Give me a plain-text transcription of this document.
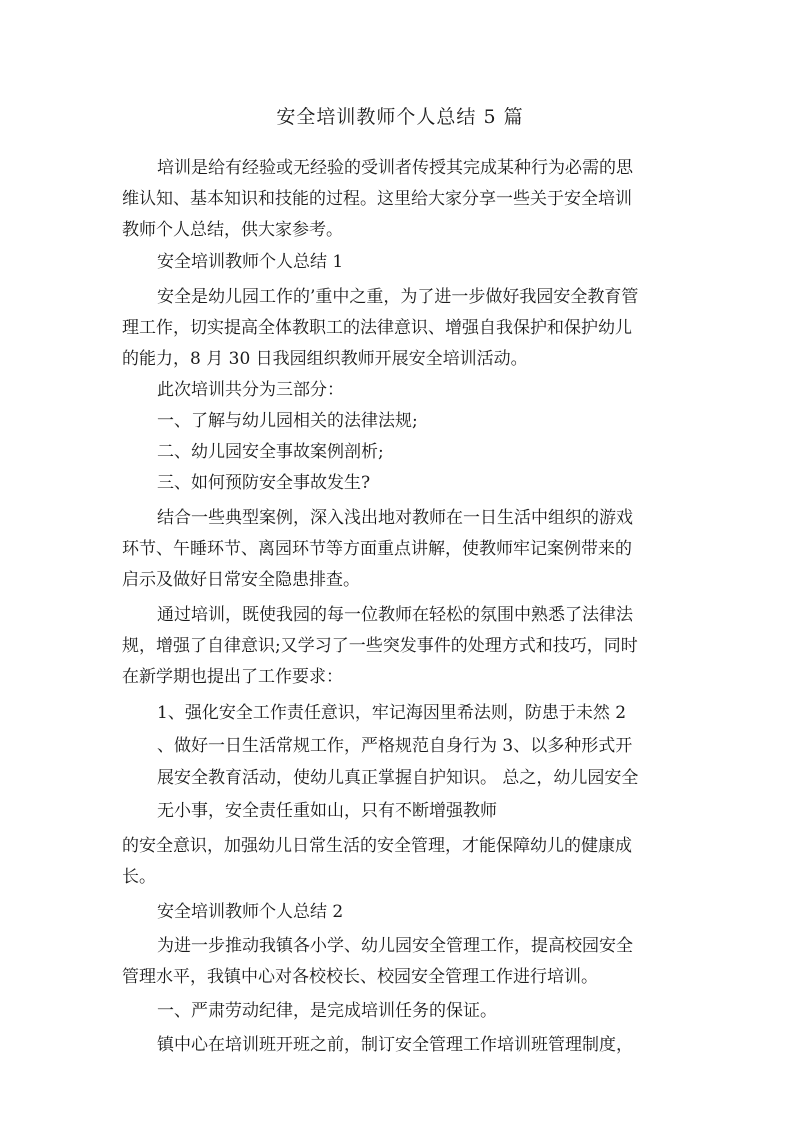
安全培训教师个人总结 5 篇
培训是给有经验或无经验的受训者传授其完成某种行为必需的思
维认知、基本知识和技能的过程。这里给大家分享一些关于安全培训
教师个人总结，供大家参考。
安全培训教师个人总结 1
安全是幼儿园工作的’重中之重，为了进一步做好我园安全教育管
理工作，切实提高全体教职工的法律意识、增强自我保护和保护幼儿
的能力，8 月 30 日我园组织教师开展安全培训活动。
此次培训共分为三部分：
一、了解与幼儿园相关的法律法规;
二、幼儿园安全事故案例剖析;
三、如何预防安全事故发生?
结合一些典型案例，深入浅出地对教师在一日生活中组织的游戏
环节、午睡环节、离园环节等方面重点讲解，使教师牢记案例带来的
启示及做好日常安全隐患排查。
通过培训，既使我园的每一位教师在轻松的氛围中熟悉了法律法
规，增强了自律意识;又学习了一些突发事件的处理方式和技巧，同时
在新学期也提出了工作要求：
1、强化安全工作责任意识，牢记海因里希法则，防患于未然 2
、做好一日生活常规工作，严格规范自身行为 3、以多种形式开
展安全教育活动，使幼儿真正掌握自护知识。 总之，幼儿园安全
无小事，安全责任重如山，只有不断增强教师
的安全意识，加强幼儿日常生活的安全管理，才能保障幼儿的健康成
长。
安全培训教师个人总结 2
为进一步推动我镇各小学、幼儿园安全管理工作，提高校园安全
管理水平，我镇中心对各校校长、校园安全管理工作进行培训。
一、严肃劳动纪律，是完成培训任务的保证。
镇中心在培训班开班之前，制订安全管理工作培训班管理制度，
